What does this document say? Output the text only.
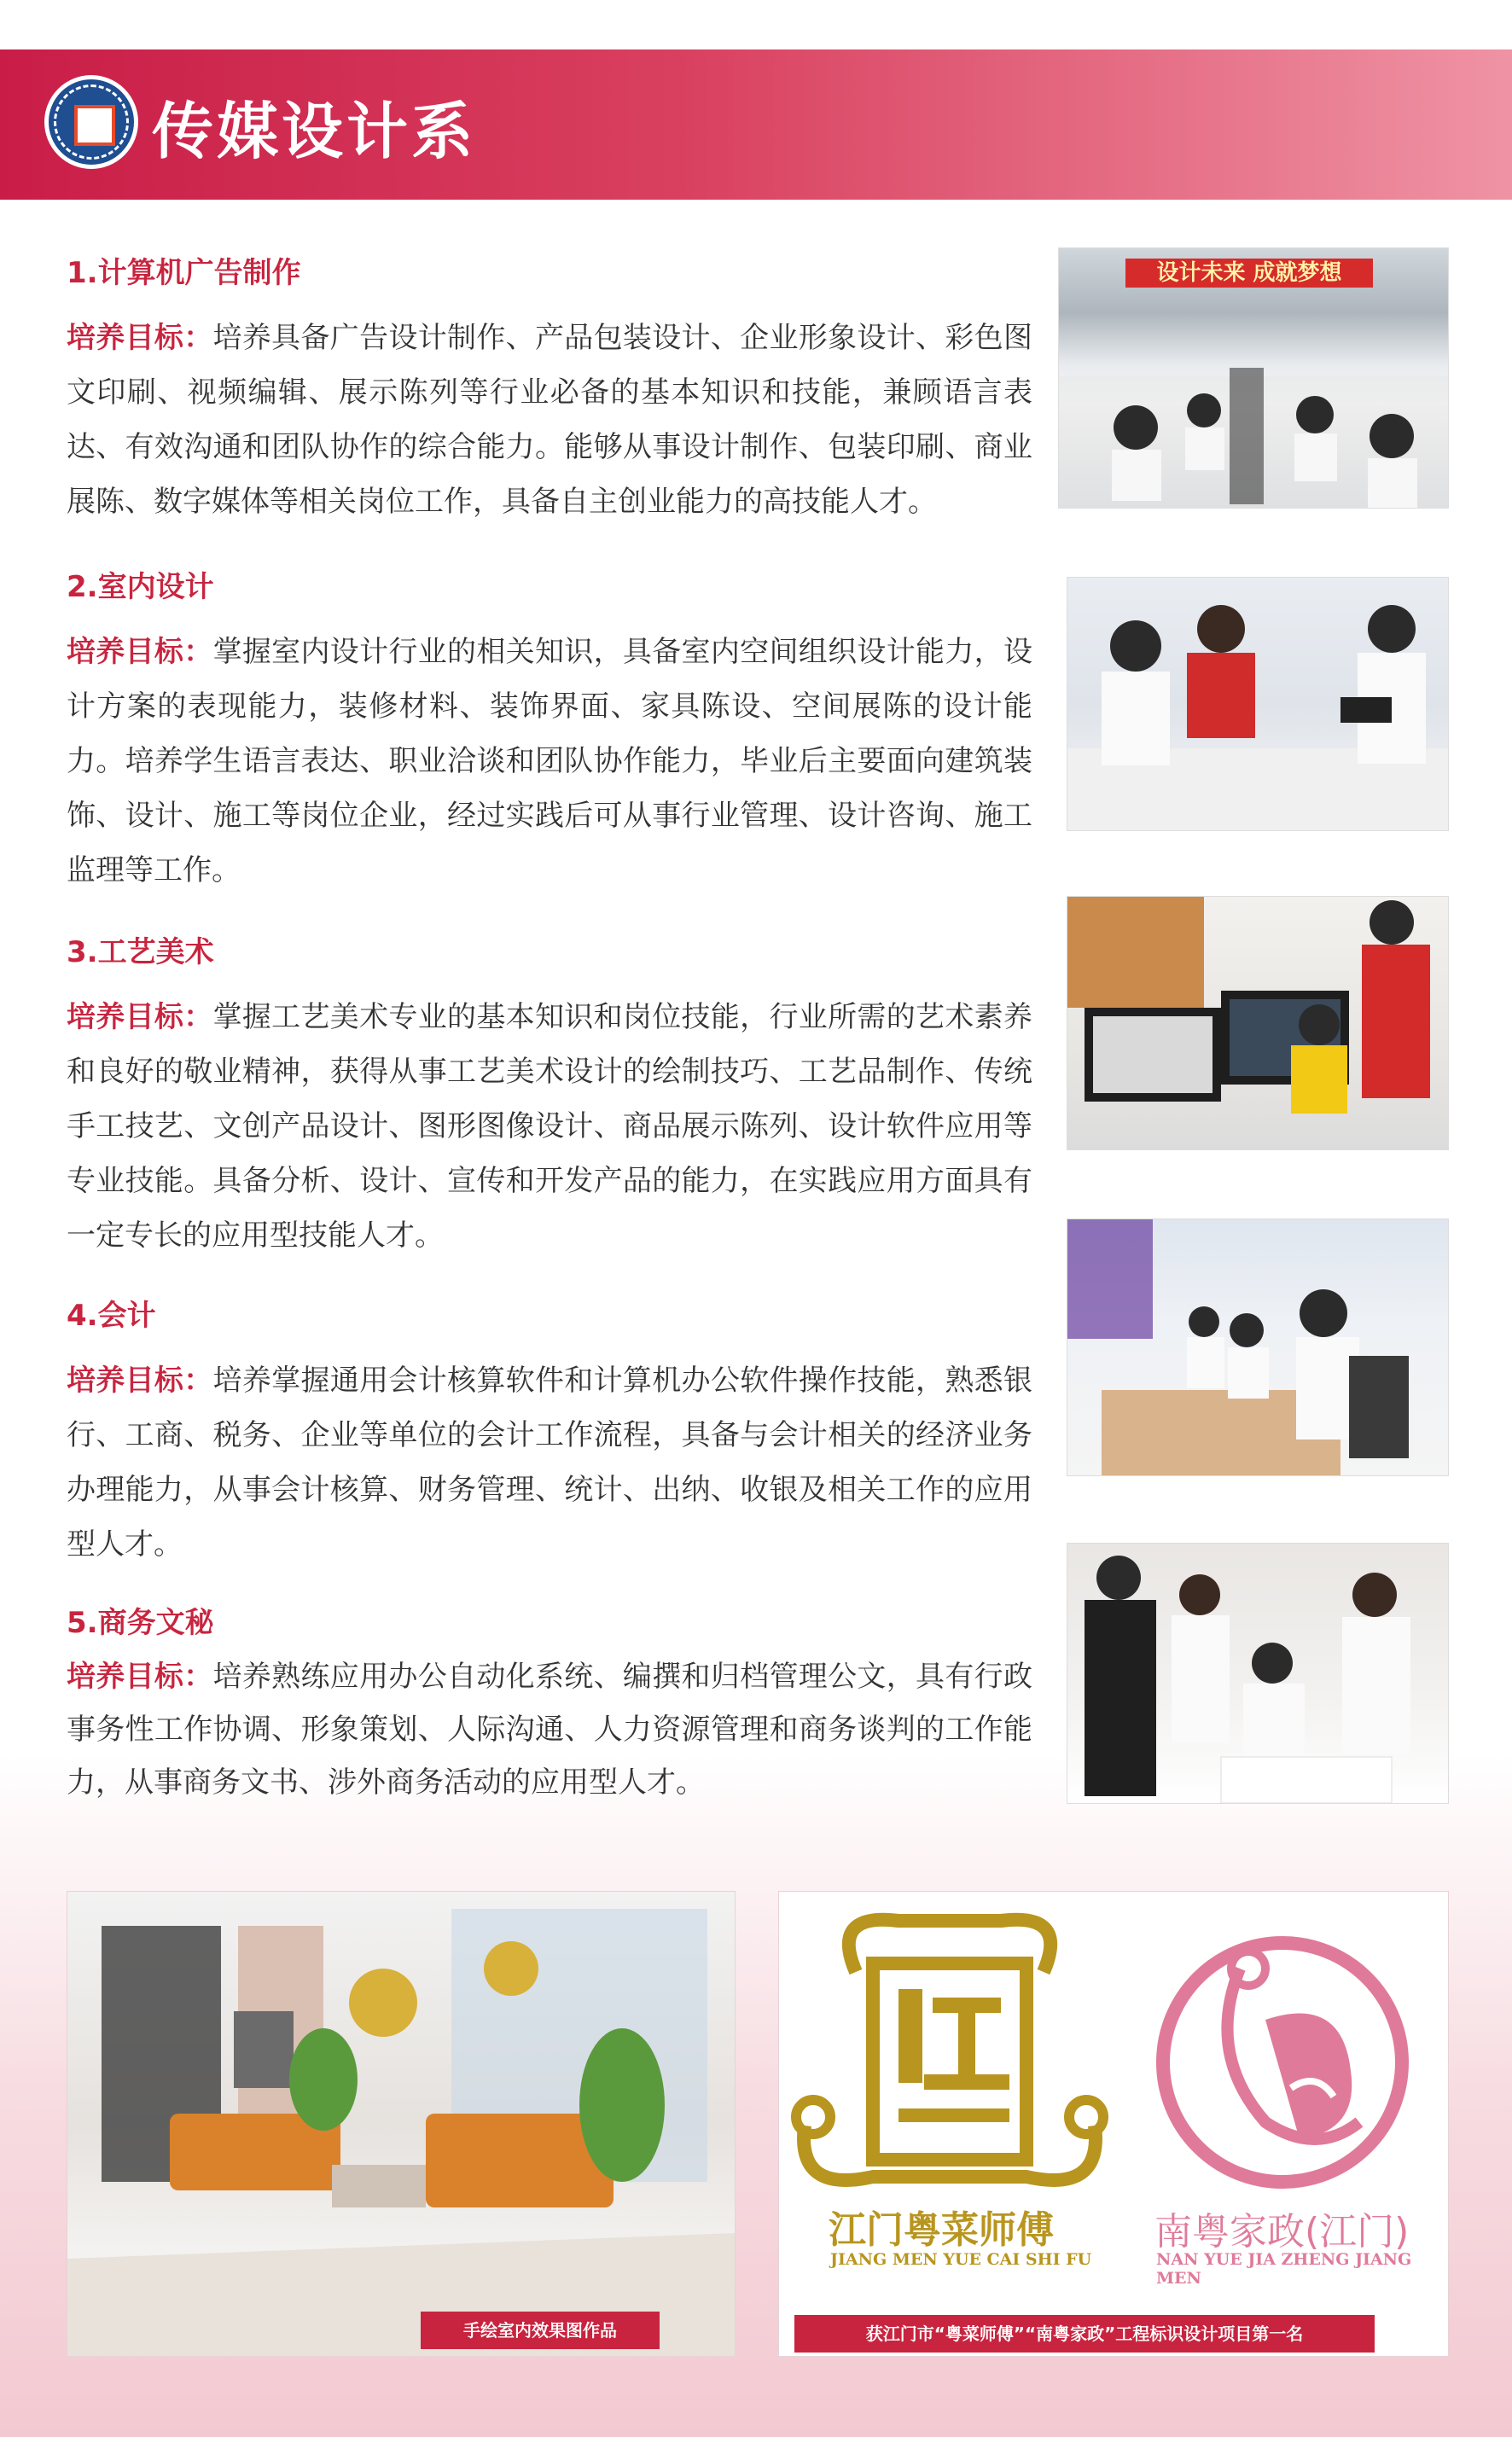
传媒设计系
1.计算机广告制作

培养目标：培养具备广告设计制作、产品包装设计、企业形象设计、彩色图文印刷、视频编辑、展示陈列等行业必备的基本知识和技能，兼顾语言表达、有效沟通和团队协作的综合能力。能够从事设计制作、包装印刷、商业展陈、数字媒体等相关岗位工作，具备自主创业能力的高技能人才。

2.室内设计

培养目标：掌握室内设计行业的相关知识，具备室内空间组织设计能力，设计方案的表现能力，装修材料、装饰界面、家具陈设、空间展陈的设计能力。培养学生语言表达、职业洽谈和团队协作能力，毕业后主要面向建筑装饰、设计、施工等岗位企业，经过实践后可从事行业管理、设计咨询、施工监理等工作。

3.工艺美术

培养目标：掌握工艺美术专业的基本知识和岗位技能，行业所需的艺术素养和良好的敬业精神，获得从事工艺美术设计的绘制技巧、工艺品制作、传统手工技艺、文创产品设计、图形图像设计、商品展示陈列、设计软件应用等专业技能。具备分析、设计、宣传和开发产品的能力，在实践应用方面具有一定专长的应用型技能人才。

4.会计

培养目标：培养掌握通用会计核算软件和计算机办公软件操作技能，熟悉银行、工商、税务、企业等单位的会计工作流程，具备与会计相关的经济业务办理能力，从事会计核算、财务管理、统计、出纳、收银及相关工作的应用型人才。

5.商务文秘

培养目标：培养熟练应用办公自动化系统、编撰和归档管理公文，具有行政事务性工作协调、形象策划、人际沟通、人力资源管理和商务谈判的工作能力，从事商务文书、涉外商务活动的应用型人才。

设计未来 成就梦想
手绘室内效果图作品
江门粤菜师傅
JIANG MEN YUE CAI SHI FU
南粤家政(江门)
NAN YUE JIA ZHENG JIANG MEN
获江门市“粤菜师傅”“南粤家政”工程标识设计项目第一名
